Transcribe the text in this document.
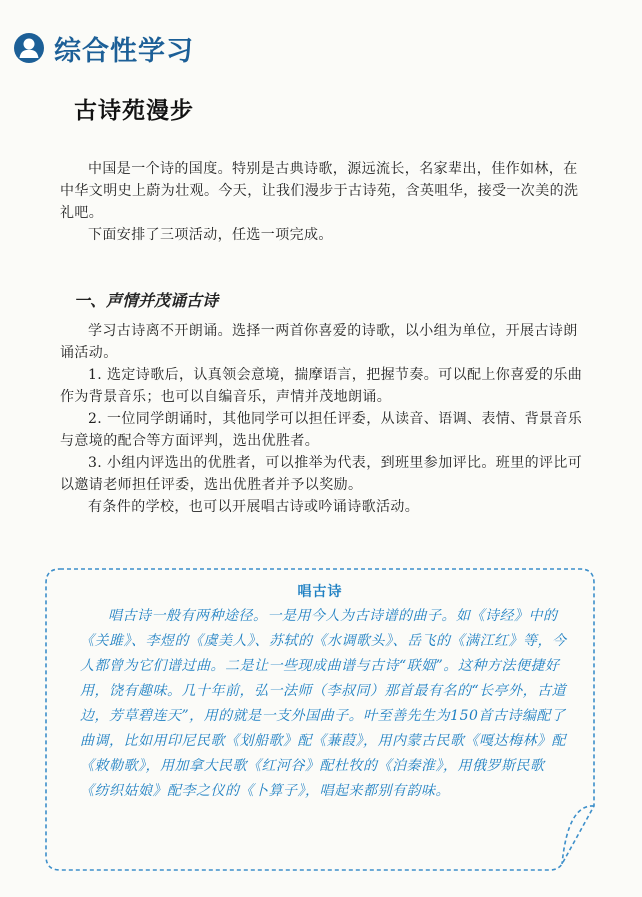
综合性学习
古诗苑漫步

中国是一个诗的国度。特别是古典诗歌，源远流长，名家辈出，佳作如林，在中华文明史上蔚为壮观。今天，让我们漫步于古诗苑，含英咀华，接受一次美的洗礼吧。

下面安排了三项活动，任选一项完成。

一、声情并茂诵古诗

学习古诗离不开朗诵。选择一两首你喜爱的诗歌，以小组为单位，开展古诗朗诵活动。

1. 选定诗歌后，认真领会意境，揣摩语言，把握节奏。可以配上你喜爱的乐曲作为背景音乐；也可以自编音乐，声情并茂地朗诵。

2. 一位同学朗诵时，其他同学可以担任评委，从读音、语调、表情、背景音乐与意境的配合等方面评判，选出优胜者。

3. 小组内评选出的优胜者，可以推举为代表，到班里参加评比。班里的评比可以邀请老师担任评委，选出优胜者并予以奖励。

有条件的学校，也可以开展唱古诗或吟诵诗歌活动。

唱古诗
唱古诗一般有两种途径。一是用今人为古诗谱的曲子。如《诗经》中的《关雎》、李煜的《虞美人》、苏轼的《水调歌头》、岳飞的《满江红》等，今人都曾为它们谱过曲。二是让一些现成曲谱与古诗“联姻”。这种方法便捷好用，饶有趣味。几十年前，弘一法师（李叔同）那首最有名的“长亭外，古道边，芳草碧连天”，用的就是一支外国曲子。叶至善先生为150首古诗编配了曲调，比如用印尼民歌《划船歌》配《蒹葭》，用内蒙古民歌《嘎达梅林》配《敕勒歌》，用加拿大民歌《红河谷》配杜牧的《泊秦淮》，用俄罗斯民歌《纺织姑娘》配李之仪的《卜算子》，唱起来都别有韵味。
